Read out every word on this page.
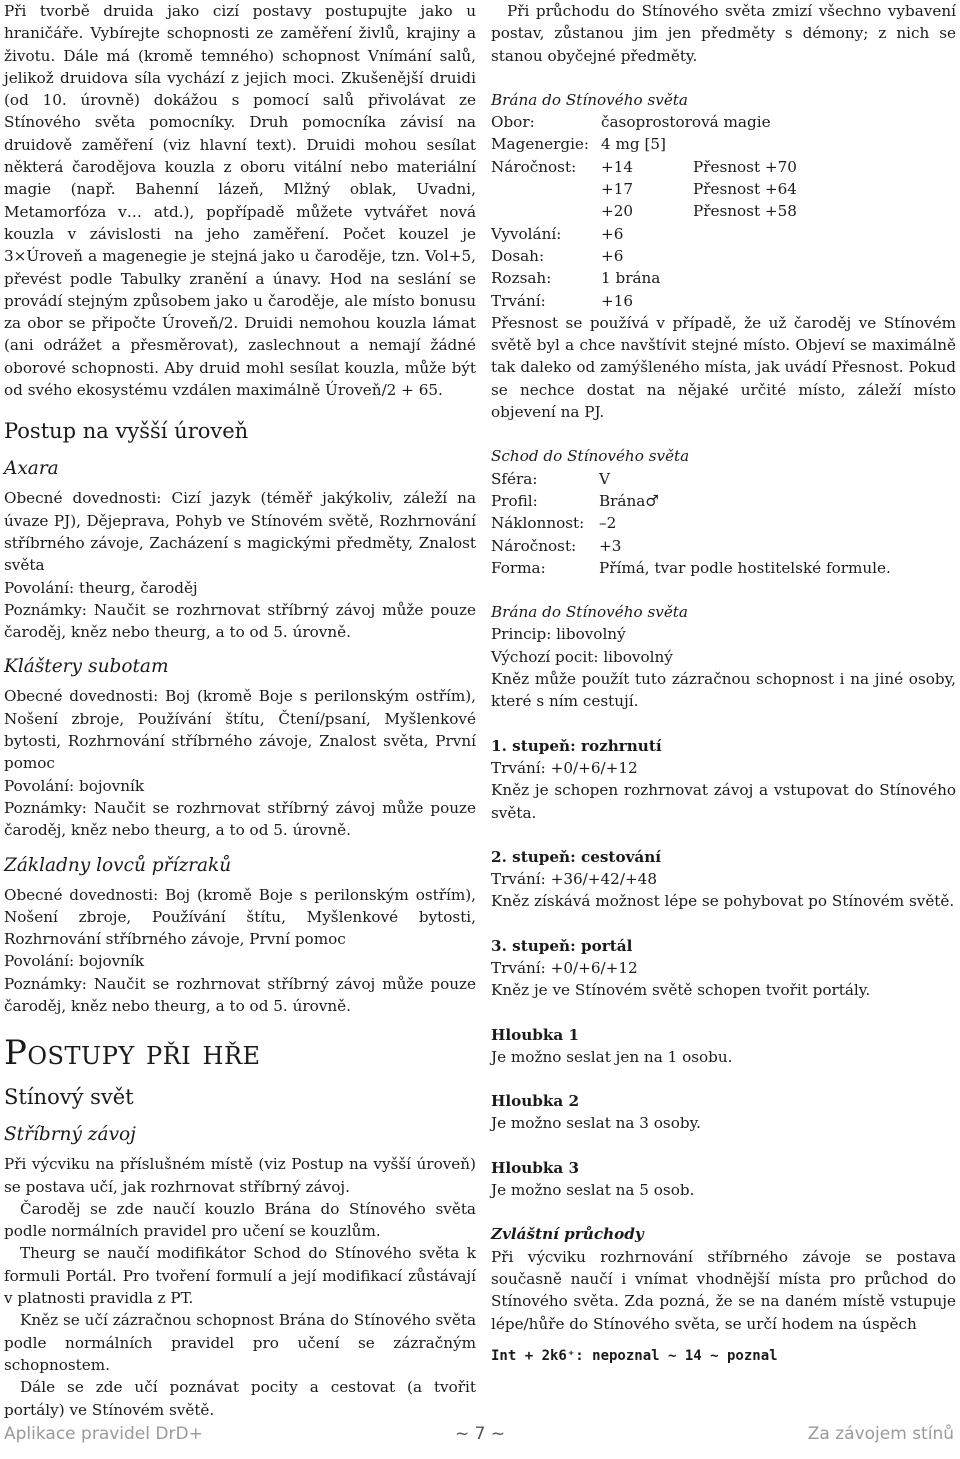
Při tvorbě druida jako cizí postavy postupujte jako u hraničáře. Vybírejte schopnosti ze zaměření živlů, krajiny a životu. Dále má (kromě temného) schopnost Vnímání salů, jelikož druidova síla vychází z jejich moci. Zkušenější druidi (od 10. úrovně) dokážou s pomocí salů přivolávat ze Stínového světa pomocníky. Druh pomocníka závisí na druidově zaměření (viz hlavní text). Druidi mohou sesílat některá čarodějova kouzla z oboru vitální nebo materiální magie (např. Bahenní lázeň, Mlžný oblak, Uvadni, Metamorfóza v… atd.), popřípadě můžete vytvářet nová kouzla v závislosti na jeho zaměření. Počet kouzel je 3×Úroveň a magenegie je stejná jako u čaroděje, tzn. Vol+5, převést podle Tabulky zranění a únavy. Hod na seslání se provádí stejným způsobem jako u čaroděje, ale místo bonusu za obor se připočte Úroveň/2. Druidi nemohou kouzla lámat (ani odrážet a přesměrovat), zaslechnout a nemají žádné oborové schopnosti. Aby druid mohl sesílat kouzla, může být od svého ekosystému vzdálen maximálně Úroveň/2 + 65.

Postup na vyšší úroveň
Axara

Obecné dovednosti: Cizí jazyk (téměř jakýkoliv, záleží na úvaze PJ), Dějeprava, Pohyb ve Stínovém světě, Rozhrnování stříbrného závoje, Zacházení s magickými předměty, Znalost světa

Povolání: theurg, čaroděj

Poznámky: Naučit se rozhrnovat stříbrný závoj může pouze čaroděj, kněz nebo theurg, a to od 5. úrovně.

Klášterу subotam

Obecné dovednosti: Boj (kromě Boje s perilonským ostřím), Nošení zbroje, Používání štítu, Čtení/psaní, Myšlenkové bytosti, Rozhrnování stříbrného závoje, Znalost světa, První pomoc

Povolání: bojovník

Poznámky: Naučit se rozhrnovat stříbrný závoj může pouze čaroděj, kněz nebo theurg, a to od 5. úrovně.

Základny lovců přízraků

Obecné dovednosti: Boj (kromě Boje s perilonským ostřím), Nošení zbroje, Používání štítu, Myšlenkové bytosti, Rozhrnování stříbrného závoje, První pomoc

Povolání: bojovník

Poznámky: Naučit se rozhrnovat stříbrný závoj může pouze čaroděj, kněz nebo theurg, a to od 5. úrovně.

Postupy při hře
Stínový svět
Stříbrný závoj

Při výcviku na příslušném místě (viz Postup na vyšší úroveň) se postava učí, jak rozhrnovat stříbrný závoj.

Čaroděj se zde naučí kouzlo Brána do Stínového světa podle normálních pravidel pro učení se kouzlům.

Theurg se naučí modifikátor Schod do Stínového světa k formuli Portál. Pro tvoření formulí a její modifikací zůstávají v platnosti pravidla z PT.

Kněz se učí zázračnou schopnost Brána do Stínového světa podle normálních pravidel pro učení se zázračným schopnostem.

Dále se zde učí poznávat pocity a cestovat (a tvořit portály) ve Stínovém světě.

Při průchodu do Stínového světa zmizí všechno vybavení postav, zůstanou jim jen předměty s démony; z nich se stanou obyčejné předměty.

Brána do Stínového světa

Obor:	časoprostorová magie
Magenergie: 4 mg [5]
Náročnost:	+14	Přesnost +70
+17	Přesnost +64
+20	Přesnost +58
Vyvolání:	+6
Dosah:	+6
Rozsah:	1 brána
Trvání:	+16

Přesnost se používá v případě, že už čaroděj ve Stínovém světě byl a chce navštívit stejné místo. Objeví se maximálně tak daleko od zamýšleného místa, jak uvádí Přesnost. Pokud se nechce dostat na nějaké určité místo, záleží místo objevení na PJ.

Schod do Stínového světa

Sféra:	V
Profil:	Brána♂
Náklonnost: –2
Náročnost:	+3
Forma:	Přímá, tvar podle hostitelské formule.

Brána do Stínového světa

Princip: libovolný

Výchozí pocit: libovolný

Kněz může použít tuto zázračnou schopnost i na jiné osoby, které s ním cestují.

1. stupeň: rozhrnutí

Trvání: +0/+6/+12

Kněz je schopen rozhrnovat závoj a vstupovat do Stínového světa.

2. stupeň: cestování

Trvání: +36/+42/+48

Kněz získává možnost lépe se pohybovat po Stínovém světě.

3. stupeň: portál

Trvání: +0/+6/+12

Kněz je ve Stínovém světě schopen tvořit portály.

Hloubka 1

Je možno seslat jen na 1 osobu.

Hloubka 2

Je možno seslat na 3 osoby.

Hloubka 3

Je možno seslat na 5 osob.

Zvláštní průchody

Při výcviku rozhrnování stříbrného závoje se postava současně naučí i vnímat vhodnější místa pro průchod do Stínového světa. Zda pozná, že se na daném místě vstupuje lépe/hůře do Stínového světa, se určí hodem na úspěch

Int + 2k6⁺: nepoznal ~ 14 ~ poznal

Aplikace pravidel DrD+	~ 7 ~	Za závojem stínů
